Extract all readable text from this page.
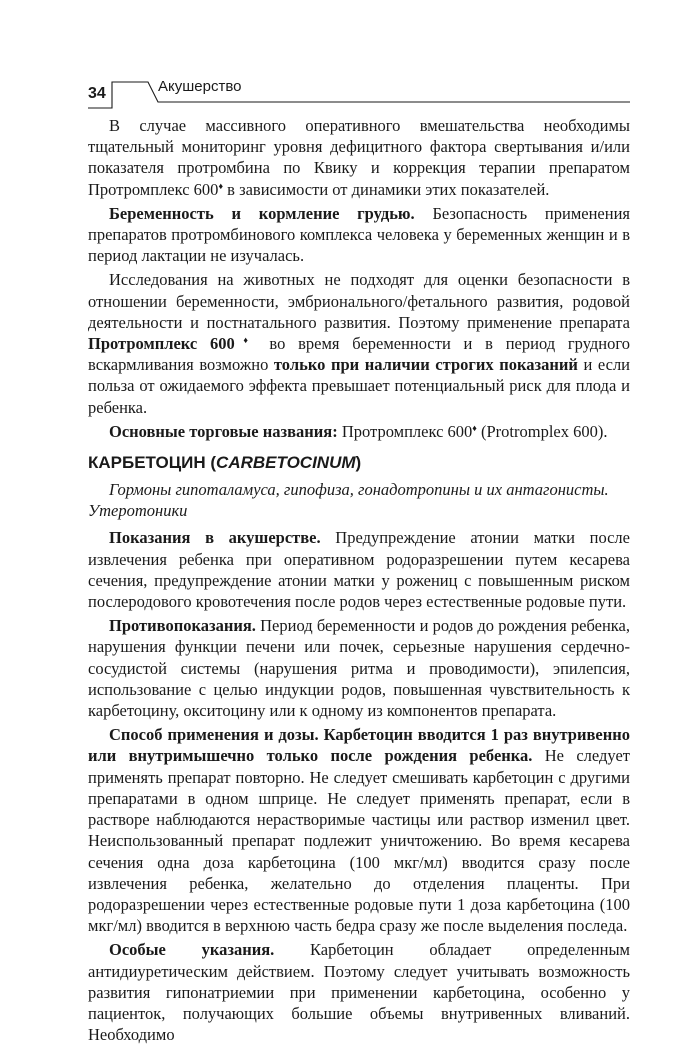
34	Акушерство

В случае массивного оперативного вмешательства необходимы тщательный мониторинг уровня дефицитного фактора свертывания и/или показателя протромбина по Квику и коррекция терапии препаратом Протромплекс 600♦ в зависимости от динамики этих показателей.

Беременность и кормление грудью. Безопасность применения препаратов протромбинового комплекса человека у беременных женщин и в период лактации не изучалась.

Исследования на животных не подходят для оценки безопасности в отношении беременности, эмбрионального/фетального развития, родовой деятельности и постнатального развития. Поэтому применение препарата Протромплекс 600♦ во время беременности и в период грудного вскармливания возможно только при наличии строгих показаний и если польза от ожидаемого эффекта превышает потенциальный риск для плода и ребенка.

Основные торговые названия: Протромплекс 600♦ (Protromplex 600).

КАРБЕТОЦИН (CARBETOCINUM)

Гормоны гипоталамуса, гипофиза, гонадотропины и их антагонисты. Утеротоники

Показания в акушерстве. Предупреждение атонии матки после извлечения ребенка при оперативном родоразрешении путем кесарева сечения, предупреждение атонии матки у рожениц с повышенным риском послеродового кровотечения после родов через естественные родовые пути.

Противопоказания. Период беременности и родов до рождения ребенка, нарушения функции печени или почек, серьезные нарушения сердечно-сосудистой системы (нарушения ритма и проводимости), эпилепсия, использование с целью индукции родов, повышенная чувствительность к карбетоцину, окситоцину или к одному из компонентов препарата.

Способ применения и дозы. Карбетоцин вводится 1 раз внутривенно или внутримышечно только после рождения ребенка. Не следует применять препарат повторно. Не следует смешивать карбетоцин с другими препаратами в одном шприце. Не следует применять препарат, если в растворе наблюдаются нерастворимые частицы или раствор изменил цвет. Неиспользованный препарат подлежит уничтожению. Во время кесарева сечения одна доза карбетоцина (100 мкг/мл) вводится сразу после извлечения ребенка, желательно до отделения плаценты. При родоразрешении через естественные родовые пути 1 доза карбетоцина (100 мкг/мл) вводится в верхнюю часть бедра сразу же после выделения последа.

Особые указания. Карбетоцин обладает определенным антидиуретическим действием. Поэтому следует учитывать возможность развития гипонатриемии при применении карбетоцина, особенно у пациенток, получающих большие объемы внутривенных вливаний. Необходимо
